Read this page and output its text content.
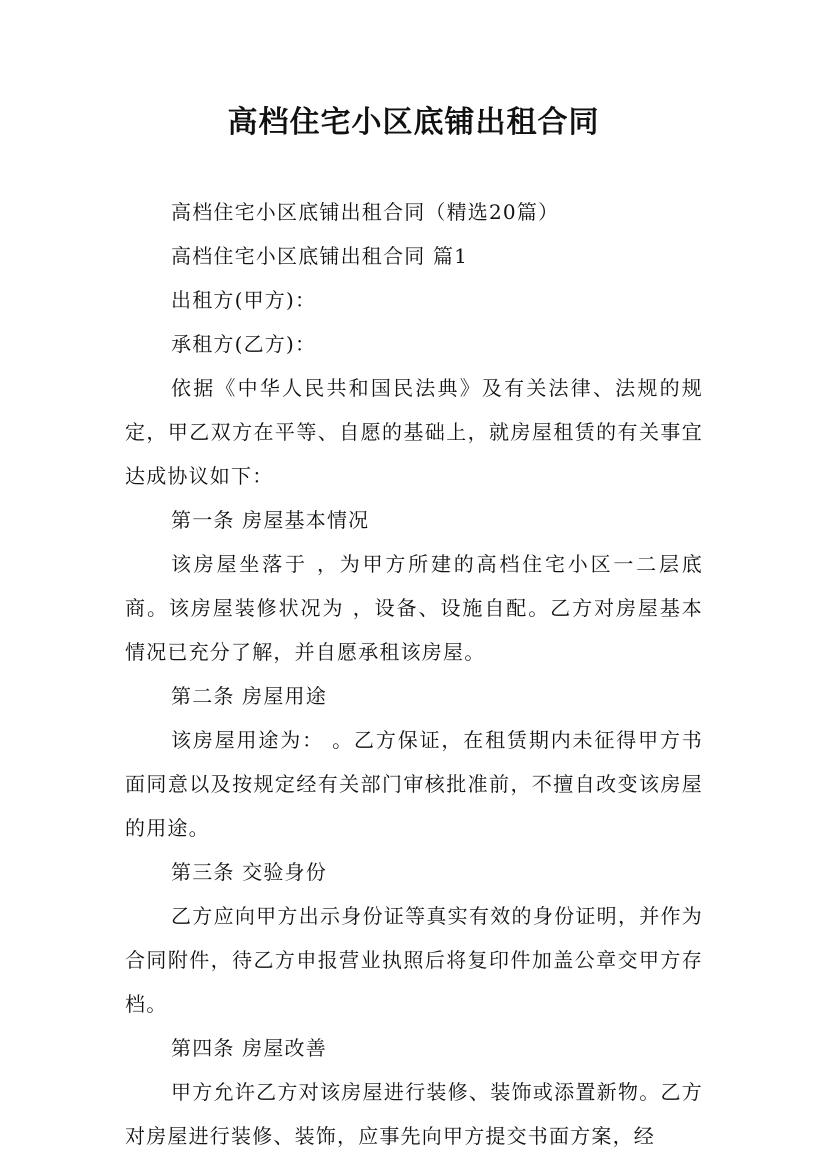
高档住宅小区底铺出租合同

高档住宅小区底铺出租合同（精选20篇）

高档住宅小区底铺出租合同 篇1

出租方(甲方)：

承租方(乙方)：

依据《中华人民共和国民法典》及有关法律、法规的规定，甲乙双方在平等、自愿的基础上，就房屋租赁的有关事宜达成协议如下：

第一条 房屋基本情况

该房屋坐落于 ，为甲方所建的高档住宅小区一二层底商。该房屋装修状况为 ，设备、设施自配。乙方对房屋基本情况已充分了解，并自愿承租该房屋。

第二条 房屋用途

该房屋用途为： 。乙方保证，在租赁期内未征得甲方书面同意以及按规定经有关部门审核批准前，不擅自改变该房屋的用途。

第三条 交验身份

乙方应向甲方出示身份证等真实有效的身份证明，并作为合同附件，待乙方申报营业执照后将复印件加盖公章交甲方存档。

第四条 房屋改善

甲方允许乙方对该房屋进行装修、装饰或添置新物。乙方对房屋进行装修、装饰，应事先向甲方提交书面方案，经
